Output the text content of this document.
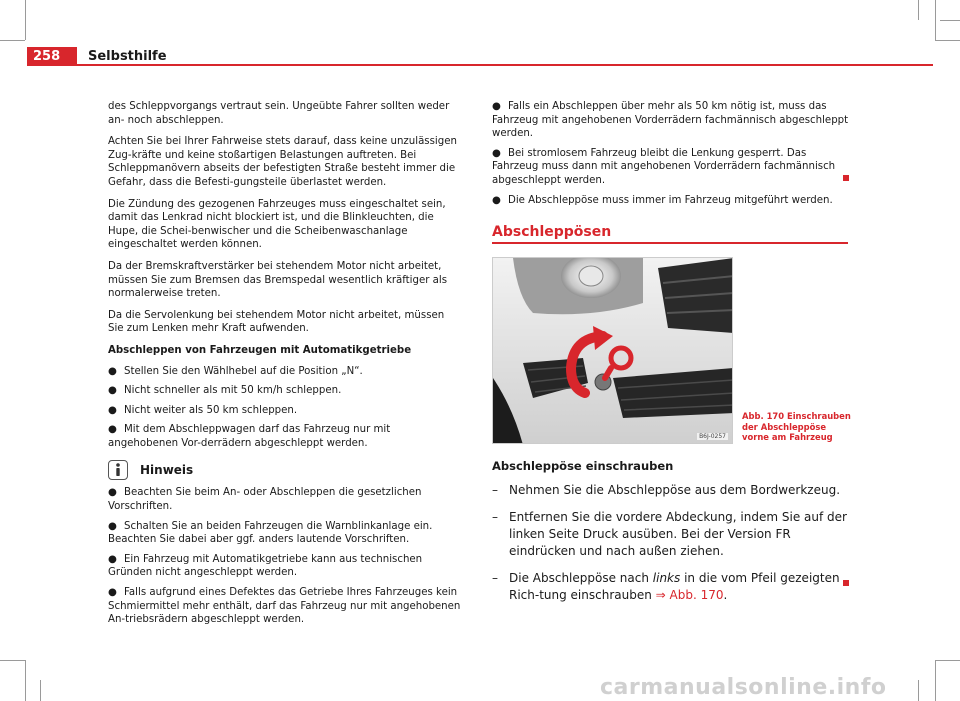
258	Selbsthilfe

des Schleppvorgangs vertraut sein. Ungeübte Fahrer sollten weder an- noch abschleppen.

Achten Sie bei Ihrer Fahrweise stets darauf, dass keine unzulässigen Zug-kräfte und keine stoßartigen Belastungen auftreten. Bei Schleppmanövern abseits der befestigten Straße besteht immer die Gefahr, dass die Befesti-gungsteile überlastet werden.

Die Zündung des gezogenen Fahrzeuges muss eingeschaltet sein, damit das Lenkrad nicht blockiert ist, und die Blinkleuchten, die Hupe, die Schei-benwischer und die Scheibenwaschanlage eingeschaltet werden können.

Da der Bremskraftverstärker bei stehendem Motor nicht arbeitet, müssen Sie zum Bremsen das Bremspedal wesentlich kräftiger als normalerweise treten.

Da die Servolenkung bei stehendem Motor nicht arbeitet, müssen Sie zum Lenken mehr Kraft aufwenden.

Abschleppen von Fahrzeugen mit Automatikgetriebe
● Stellen Sie den Wählhebel auf die Position „N“.
● Nicht schneller als mit 50 km/h schleppen.
● Nicht weiter als 50 km schleppen.
● Mit dem Abschleppwagen darf das Fahrzeug nur mit angehobenen Vor-derrädern abgeschleppt werden.
Hinweis
● Beachten Sie beim An- oder Abschleppen die gesetzlichen Vorschriften.
● Schalten Sie an beiden Fahrzeugen die Warnblinkanlage ein. Beachten Sie dabei aber ggf. anders lautende Vorschriften.
● Ein Fahrzeug mit Automatikgetriebe kann aus technischen Gründen nicht angeschleppt werden.
● Falls aufgrund eines Defektes das Getriebe Ihres Fahrzeuges kein Schmiermittel mehr enthält, darf das Fahrzeug nur mit angehobenen An-triebsrädern abgeschleppt werden.
● Falls ein Abschleppen über mehr als 50 km nötig ist, muss das Fahrzeug mit angehobenen Vorderrädern fachmännisch abgeschleppt werden.
● Bei stromlosem Fahrzeug bleibt die Lenkung gesperrt. Das Fahrzeug muss dann mit angehobenen Vorderrädern fachmännisch abgeschleppt werden.
● Die Abschleppöse muss immer im Fahrzeug mitgeführt werden.
Abschleppösen
B6J-0257
Abb. 170 Einschrauben der Abschleppöse vorne am Fahrzeug
Abschleppöse einschrauben
– Nehmen Sie die Abschleppöse aus dem Bordwerkzeug.
– Entfernen Sie die vordere Abdeckung, indem Sie auf der linken Seite Druck ausüben. Bei der Version FR eindrücken und nach außen ziehen.
– Die Abschleppöse nach links in die vom Pfeil gezeigten Rich-tung einschrauben ⇒ Abb. 170.
carmanualsonline.info
